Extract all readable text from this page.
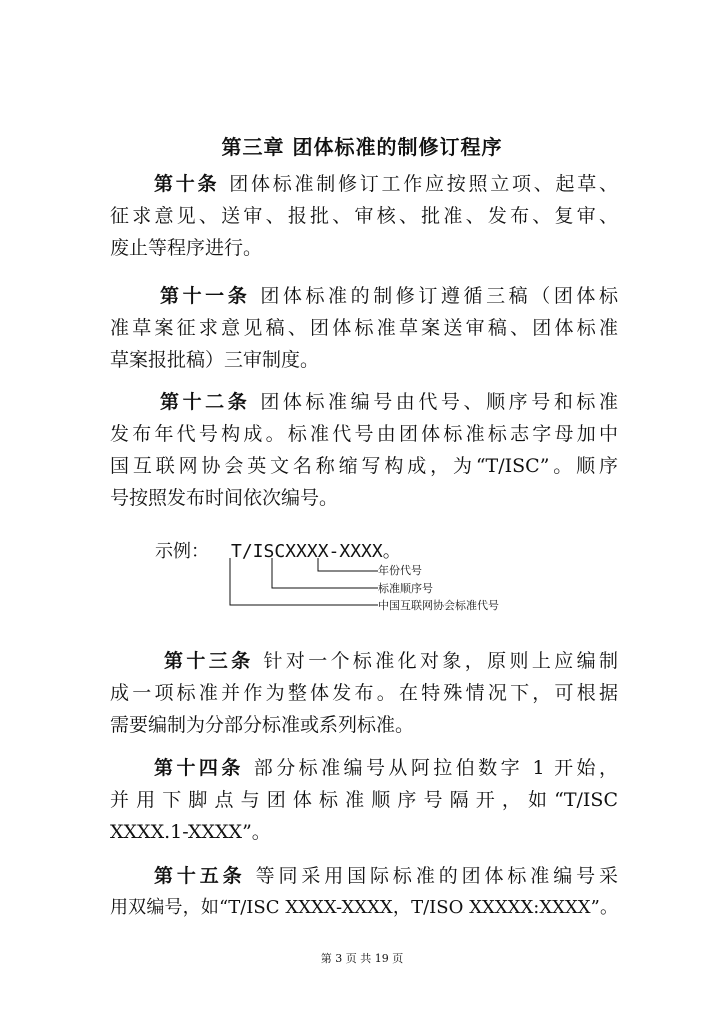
第三章 团体标准的制修订程序
第十条 团体标准制修订工作应按照立项、起草、
征求意见、送审、报批、审核、批准、发布、复审、
废止等程序进行。
第十一条 团体标准的制修订遵循三稿（团体标
准草案征求意见稿、团体标准草案送审稿、团体标准
草案报批稿）三审制度。
第十二条 团体标准编号由代号、顺序号和标准
发布年代号构成。标准代号由团体标准标志字母加中
国互联网协会英文名称缩写构成，为“T/ISC”。顺序
号按照发布时间依次编号。
示例： T/ISCXXXX-XXXX。
年份代号
标准顺序号
中国互联网协会标准代号
第十三条 针对一个标准化对象，原则上应编制
成一项标准并作为整体发布。在特殊情况下，可根据
需要编制为分部分标准或系列标准。
第十四条 部分标准编号从阿拉伯数字 1 开始，
并用下脚点与团体标准顺序号隔开，如“T/ISC
XXXX.1-XXXX”。
第十五条 等同采用国际标准的团体标准编号采
用双编号，如“T/ISC XXXX-XXXX，T/ISO XXXXX:XXXX”。
第 3 页 共 19 页
